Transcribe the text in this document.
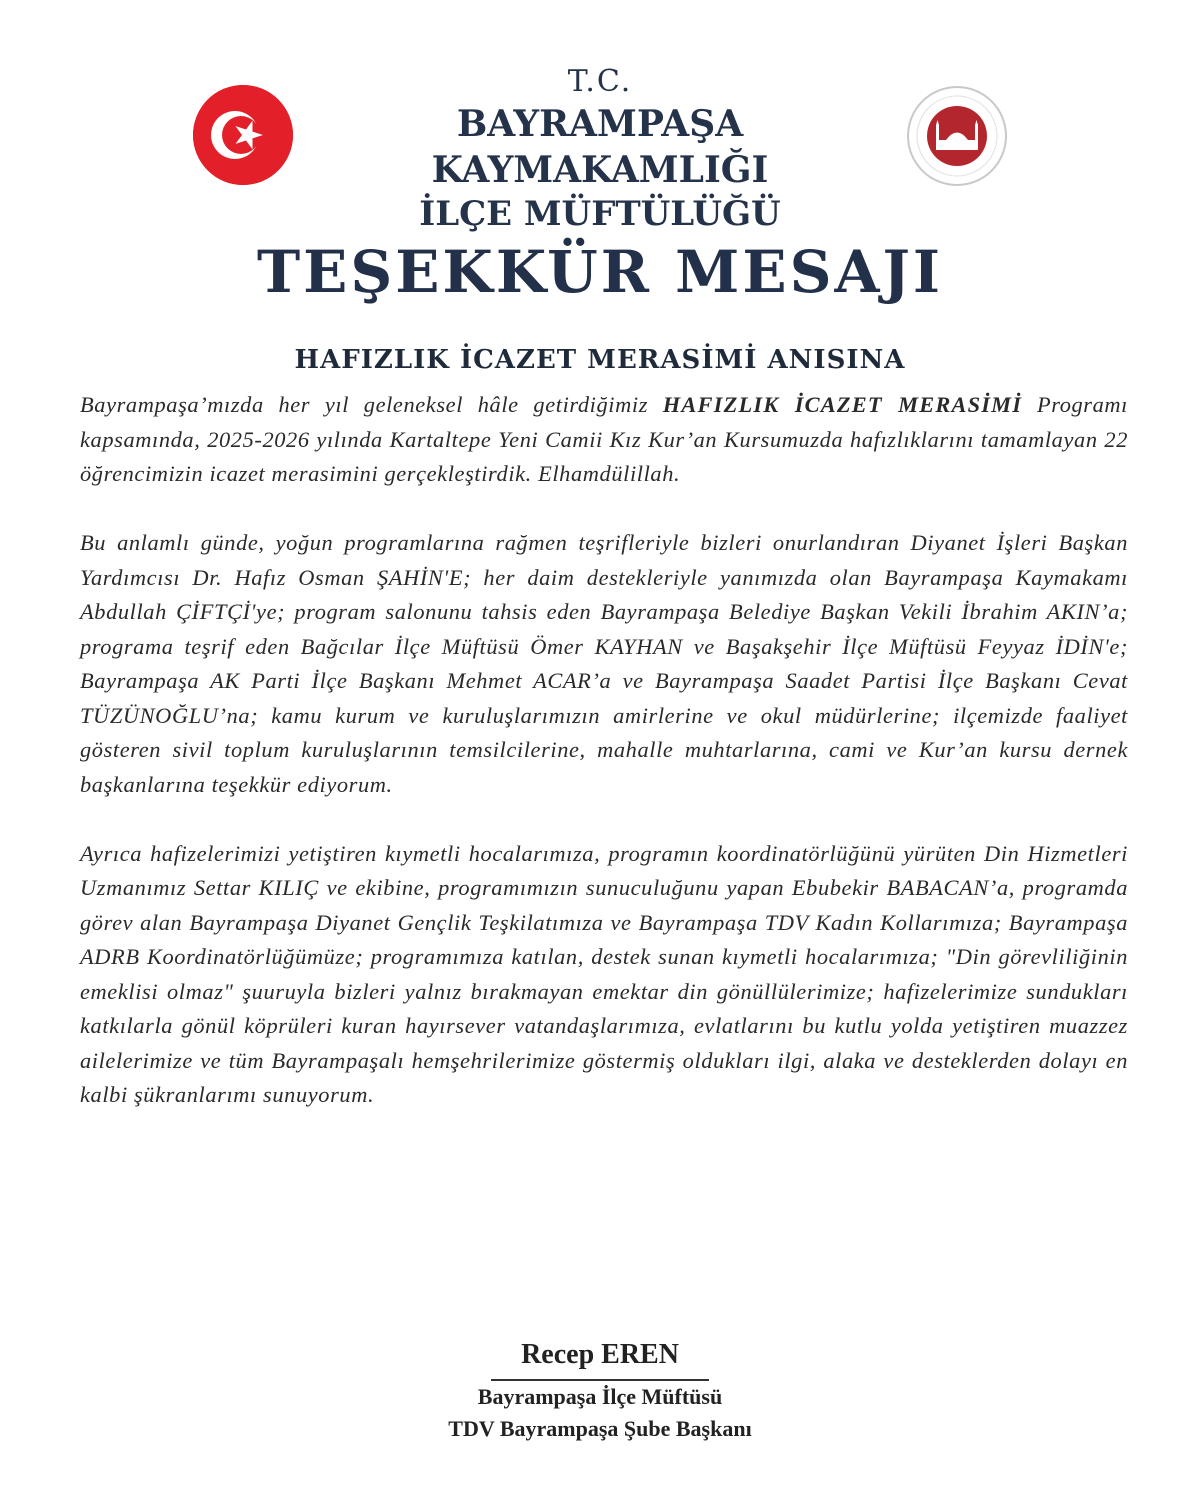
T.C.
BAYRAMPAŞA KAYMAKAMLIĞI
İLÇE MÜFTÜLÜĞÜ
TEŞEKKÜR MESAJI
HAFIZLIK İCAZET MERASİMİ ANISINA

Bayrampaşa’mızda her yıl geleneksel hâle getirdiğimiz HAFIZLIK İCAZET MERASİMİ Programı kapsamında, 2025-2026 yılında Kartaltepe Yeni Camii Kız Kur’an Kursumuzda hafızlıklarını tamamlayan 22 öğrencimizin icazet merasimini gerçekleştirdik. Elhamdülillah.

Bu anlamlı günde, yoğun programlarına rağmen teşrifleriyle bizleri onurlandıran Diyanet İşleri Başkan Yardımcısı Dr. Hafız Osman ŞAHİN'E; her daim destekleriyle yanımızda olan Bayrampaşa Kaymakamı Abdullah ÇİFTÇİ'ye; program salonunu tahsis eden Bayrampaşa Belediye Başkan Vekili İbrahim AKIN’a; programa teşrif eden Bağcılar İlçe Müftüsü Ömer KAYHAN ve Başakşehir İlçe Müftüsü Feyyaz İDİN'e; Bayrampaşa AK Parti İlçe Başkanı Mehmet ACAR’a ve Bayrampaşa Saadet Partisi İlçe Başkanı Cevat TÜZÜNOĞLU’na; kamu kurum ve kuruluşlarımızın amirlerine ve okul müdürlerine; ilçemizde faaliyet gösteren sivil toplum kuruluşlarının temsilcilerine, mahalle muhtarlarına, cami ve Kur’an kursu dernek başkanlarına teşekkür ediyorum.

Ayrıca hafizelerimizi yetiştiren kıymetli hocalarımıza, programın koordinatörlüğünü yürüten Din Hizmetleri Uzmanımız Settar KILIÇ ve ekibine, programımızın sunuculuğunu yapan Ebubekir BABACAN’a, programda görev alan Bayrampaşa Diyanet Gençlik Teşkilatımıza ve Bayrampaşa TDV Kadın Kollarımıza; Bayrampaşa ADRB Koordinatörlüğümüze; programımıza katılan, destek sunan kıymetli hocalarımıza; "Din görevliliğinin emeklisi olmaz" şuuruyla bizleri yalnız bırakmayan emektar din gönüllülerimize; hafizelerimize sundukları katkılarla gönül köprüleri kuran hayırsever vatandaşlarımıza, evlatlarını bu kutlu yolda yetiştiren muazzez ailelerimize ve tüm Bayrampaşalı hemşehrilerimize göstermiş oldukları ilgi, alaka ve desteklerden dolayı en kalbi şükranlarımı sunuyorum.

Recep EREN
Bayrampaşa İlçe Müftüsü
TDV Bayrampaşa Şube Başkanı
